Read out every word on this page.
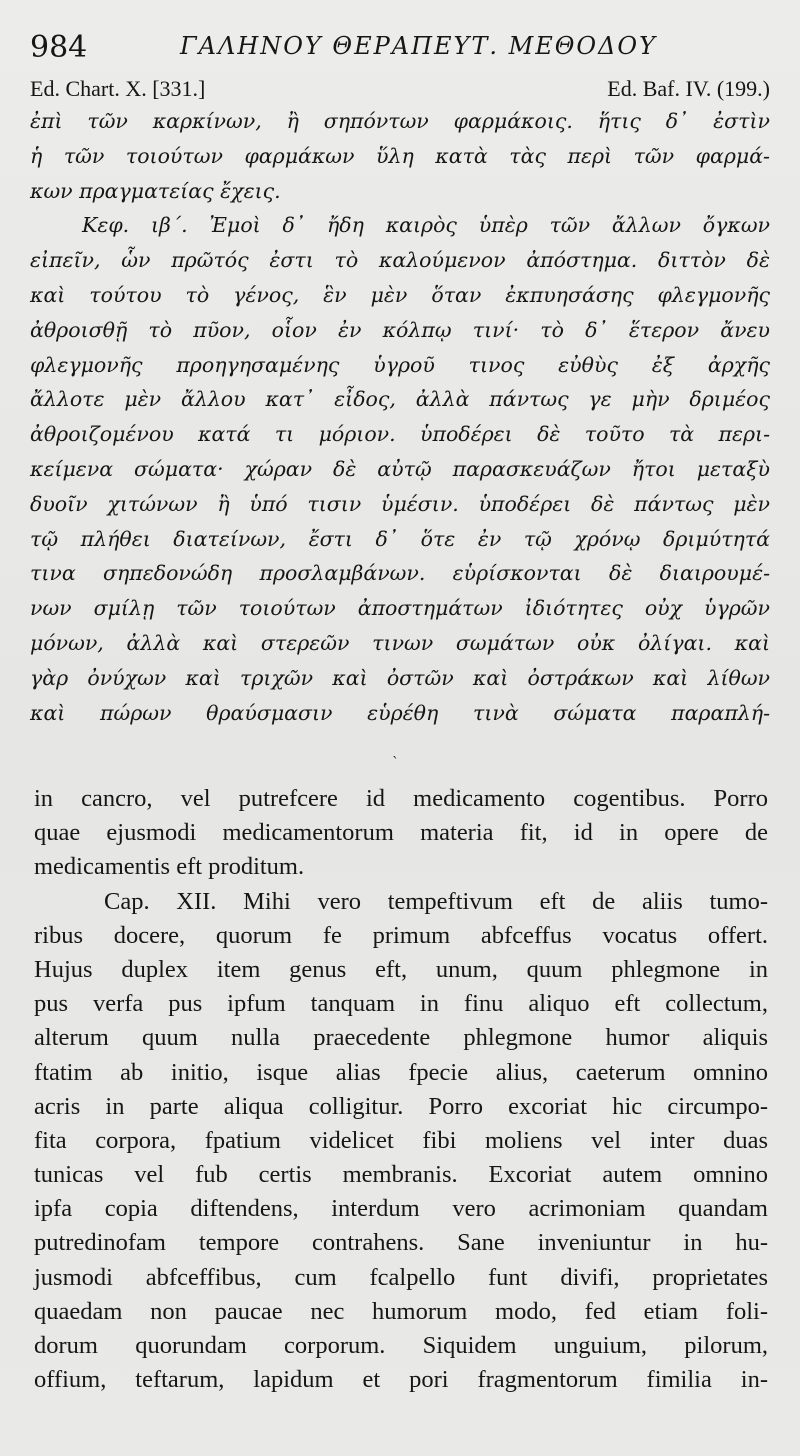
984	ΓΑΛΗΝΟΥ ΘΕΡΑΠΕΥΤ. ΜΕΘΟΔΟΥ
Ed. Chart. X. [331.]	Ed. Baf. IV. (199.)
ἐπὶ τῶν καρκίνων, ἢ σηπόντων φαρμάκοις. ἥτις δ᾽ ἐστὶν
ἡ τῶν τοιούτων φαρμάκων ὕλη κατὰ τὰς περὶ τῶν φαρμά-
κων πραγματείας ἔχεις.
Κεφ. ιβ΄. Ἐμοὶ δ᾽ ἤδη καιρὸς ὑπὲρ τῶν ἄλλων ὄγκων
εἰπεῖν, ὧν πρῶτός ἐστι τὸ καλούμενον ἀπόστημα. διττὸν δὲ
καὶ τούτου τὸ γένος, ἓν μὲν ὅταν ἐκπυησάσης φλεγμονῆς
ἀθροισθῇ τὸ πῦον, οἷον ἐν κόλπῳ τινί· τὸ δ᾽ ἕτερον ἄνευ
φλεγμονῆς προηγησαμένης ὑγροῦ τινος εὐθὺς ἐξ ἀρχῆς
ἄλλοτε μὲν ἄλλου κατ᾽ εἶδος, ἀλλὰ πάντως γε μὴν δριμέος
ἀθροιζομένου κατά τι μόριον. ὑποδέρει δὲ τοῦτο τὰ περι-
κείμενα σώματα· χώραν δὲ αὐτῷ παρασκευάζων ἤτοι μεταξὺ
δυοῖν χιτώνων ἢ ὑπό τισιν ὑμέσιν. ὑποδέρει δὲ πάντως μὲν
τῷ πλήθει διατείνων, ἔστι δ᾽ ὅτε ἐν τῷ χρόνῳ δριμύτητά
τινα σηπεδονώδη προσλαμβάνων. εὑρίσκονται δὲ διαιρουμέ-
νων σμίλῃ τῶν τοιούτων ἀποστημάτων ἰδιότητες οὐχ ὑγρῶν
μόνων, ἀλλὰ καὶ στερεῶν τινων σωμάτων οὐκ ὀλίγαι. καὶ
γὰρ ὀνύχων καὶ τριχῶν καὶ ὀστῶν καὶ ὀστράκων καὶ λίθων
καὶ πώρων θραύσμασιν εὑρέθη τινὰ σώματα παραπλή-
ˋ
in cancro, vel putrefcere id medicamento cogentibus. Porro
quae ejusmodi medicamentorum materia fit, id in opere de
medicamentis eft proditum.
Cap. XII. Mihi vero tempeftivum eft de aliis tumo-
ribus docere, quorum fe primum abfceffus vocatus offert.
Hujus duplex item genus eft, unum, quum phlegmone in
pus verfa pus ipfum tanquam in finu aliquo eft collectum,
alterum quum nulla praecedente phlegmone humor aliquis
ftatim ab initio, isque alias fpecie alius, caeterum omnino
acris in parte aliqua colligitur. Porro excoriat hic circumpo-
fita corpora, fpatium videlicet fibi moliens vel inter duas
tunicas vel fub certis membranis. Excoriat autem omnino
ipfa copia diftendens, interdum vero acrimoniam quandam
putredinofam tempore contrahens. Sane inveniuntur in hu-
jusmodi abfceffibus, cum fcalpello funt divifi, proprietates
quaedam non paucae nec humorum modo, fed etiam foli-
dorum quorundam corporum. Siquidem unguium, pilorum,
offium, teftarum, lapidum et pori fragmentorum fimilia in-
